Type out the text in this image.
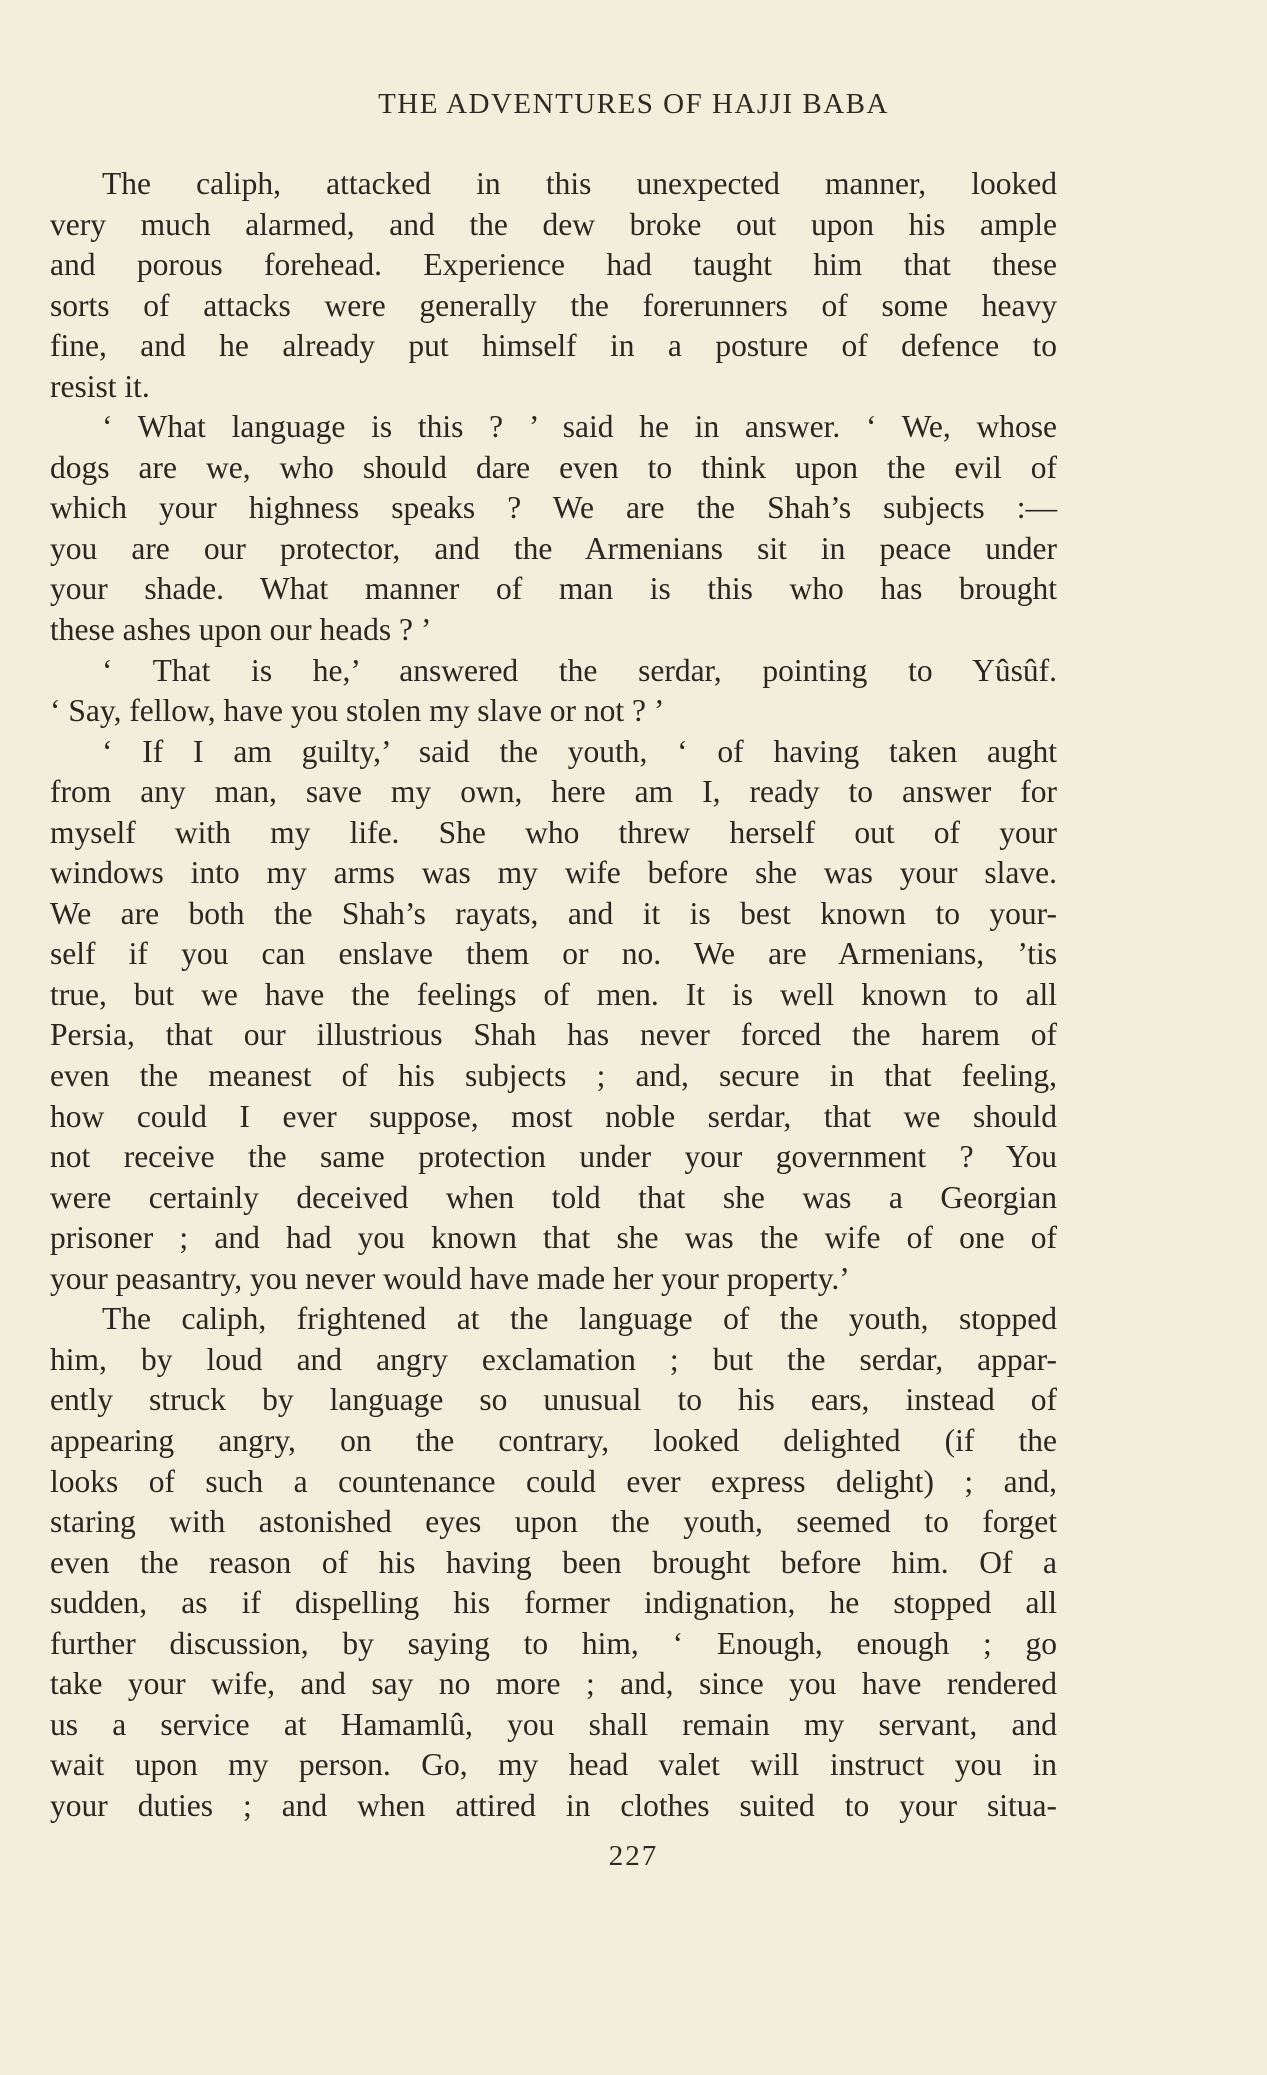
THE ADVENTURES OF HAJJI BABA
The caliph, attacked in this unexpected manner, looked
very much alarmed, and the dew broke out upon his ample
and porous forehead. Experience had taught him that these
sorts of attacks were generally the forerunners of some heavy
fine, and he already put himself in a posture of defence to
resist it.
‘ What language is this ? ’ said he in answer. ‘ We, whose
dogs are we, who should dare even to think upon the evil of
which your highness speaks ? We are the Shah’s subjects :—
you are our protector, and the Armenians sit in peace under
your shade. What manner of man is this who has brought
these ashes upon our heads ? ’
‘ That is he,’ answered the serdar, pointing to Yûsûf.
‘ Say, fellow, have you stolen my slave or not ? ’
‘ If I am guilty,’ said the youth, ‘ of having taken aught
from any man, save my own, here am I, ready to answer for
myself with my life. She who threw herself out of your
windows into my arms was my wife before she was your slave.
We are both the Shah’s rayats, and it is best known to your-
self if you can enslave them or no. We are Armenians, ’tis
true, but we have the feelings of men. It is well known to all
Persia, that our illustrious Shah has never forced the harem of
even the meanest of his subjects ; and, secure in that feeling,
how could I ever suppose, most noble serdar, that we should
not receive the same protection under your government ? You
were certainly deceived when told that she was a Georgian
prisoner ; and had you known that she was the wife of one of
your peasantry, you never would have made her your property.’
The caliph, frightened at the language of the youth, stopped
him, by loud and angry exclamation ; but the serdar, appar-
ently struck by language so unusual to his ears, instead of
appearing angry, on the contrary, looked delighted (if the
looks of such a countenance could ever express delight) ; and,
staring with astonished eyes upon the youth, seemed to forget
even the reason of his having been brought before him. Of a
sudden, as if dispelling his former indignation, he stopped all
further discussion, by saying to him, ‘ Enough, enough ; go
take your wife, and say no more ; and, since you have rendered
us a service at Hamamlû, you shall remain my servant, and
wait upon my person. Go, my head valet will instruct you in
your duties ; and when attired in clothes suited to your situa-
227
